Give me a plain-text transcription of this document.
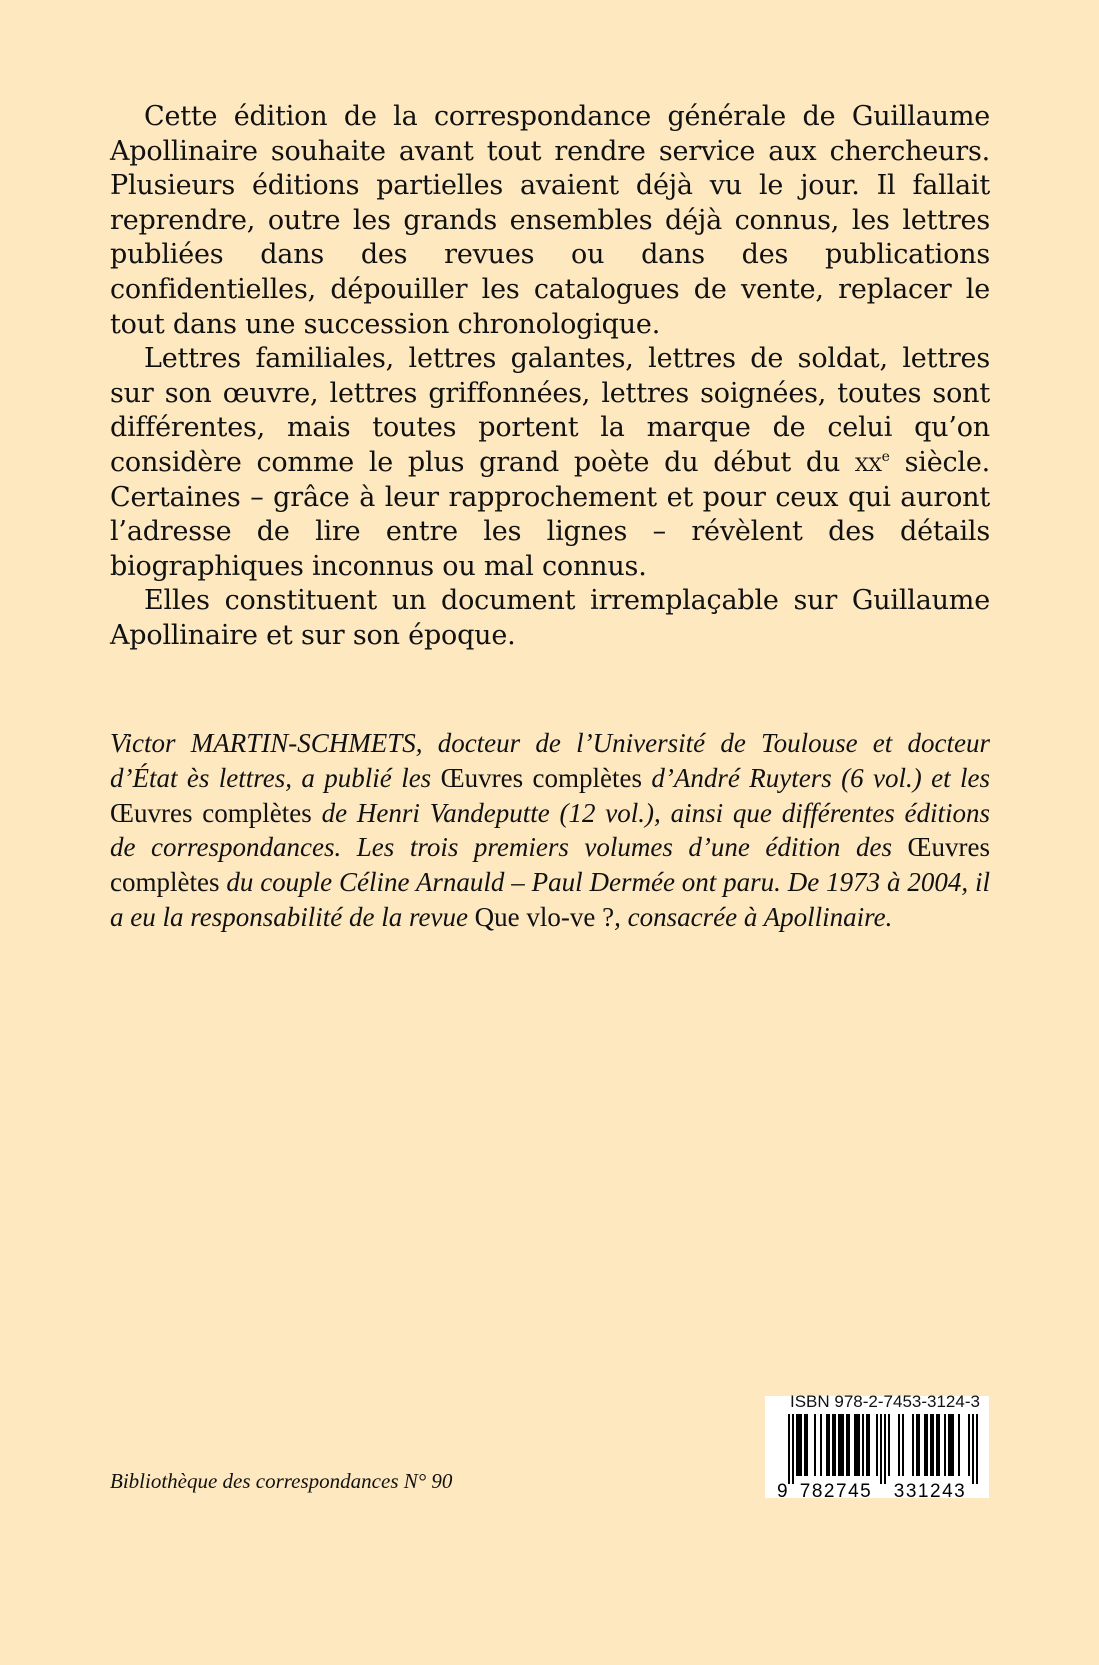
Cette édition de la correspondance générale de Guillaume Apollinaire souhaite avant tout rendre service aux chercheurs. Plusieurs éditions partielles avaient déjà vu le jour. Il fallait reprendre, outre les grands ensembles déjà connus, les lettres publiées dans des revues ou dans des publications confidentielles, dépouiller les catalogues de vente, replacer le tout dans une succession chronologique.

Lettres familiales, lettres galantes, lettres de soldat, lettres sur son œuvre, lettres griffonnées, lettres soignées, toutes sont différentes, mais toutes portent la marque de celui qu’on considère comme le plus grand poète du début du $xx^e$ siècle. Certaines – grâce à leur rapprochement et pour ceux qui auront l’adresse de lire entre les lignes – révèlent des détails biographiques inconnus ou mal connus.

Elles constituent un document irremplaçable sur Guillaume Apollinaire et sur son époque.

Victor MARTIN-SCHMETS, docteur de l’Université de Toulouse et docteur d’État ès lettres, a publié les Œuvres complètes d’André Ruyters (6 vol.) et les Œuvres complètes de Henri Vandeputte (12 vol.), ainsi que différentes éditions de correspondances. Les trois premiers volumes d’une édition des Œuvres complètes du couple Céline Arnauld – Paul Dermée ont paru. De 1973 à 2004, il a eu la responsabilité de la revue Que vlo-ve ?, consacrée à Apollinaire.
Bibliothèque des correspondances N° 90
ISBN 978-2-7453-3124-3
9 782745 331243
